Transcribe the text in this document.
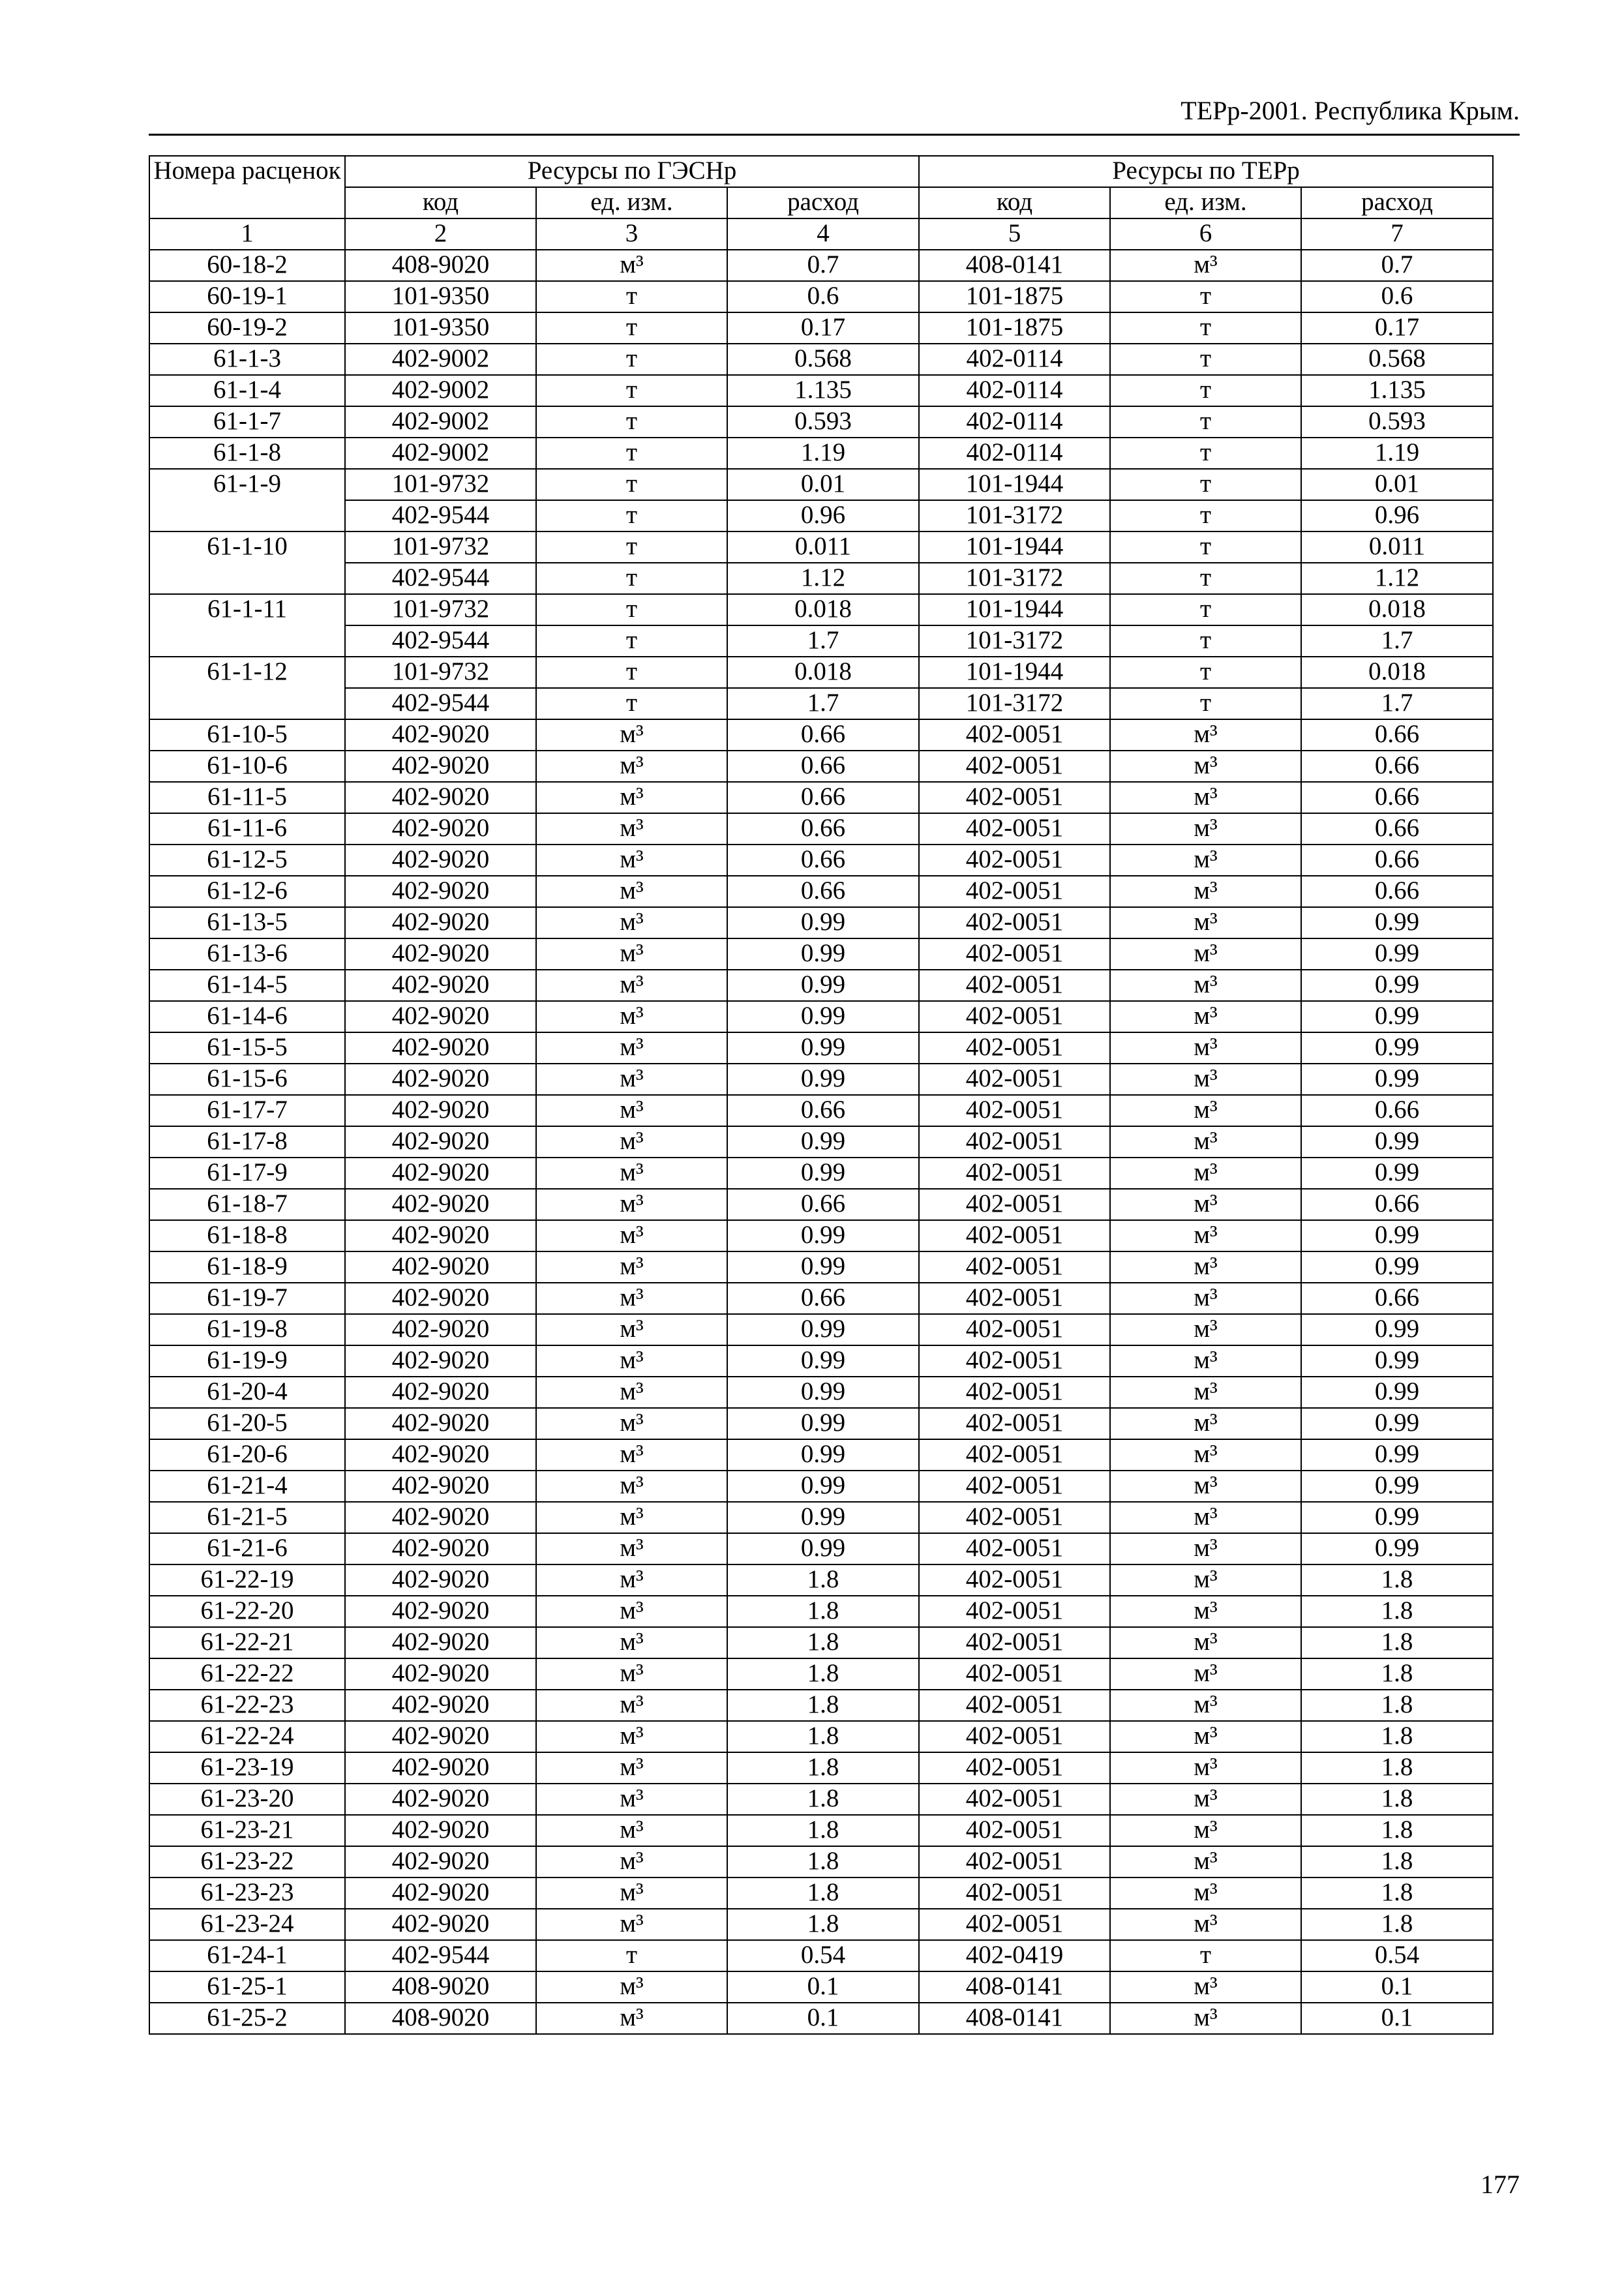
ТЕРр-2001. Республика Крым.
Номера расценок	Ресурсы по ГЭСНр			Ресурсы по ТЕРр		
	код	ед. изм.	расход	код	ед. изм.	расход
1	2	3	4	5	6	7
60-18-2	408-9020	м³	0.7	408-0141	м³	0.7
60-19-1	101-9350	т	0.6	101-1875	т	0.6
60-19-2	101-9350	т	0.17	101-1875	т	0.17
61-1-3	402-9002	т	0.568	402-0114	т	0.568
61-1-4	402-9002	т	1.135	402-0114	т	1.135
61-1-7	402-9002	т	0.593	402-0114	т	0.593
61-1-8	402-9002	т	1.19	402-0114	т	1.19
61-1-9	101-9732	т	0.01	101-1944	т	0.01
	402-9544	т	0.96	101-3172	т	0.96
61-1-10	101-9732	т	0.011	101-1944	т	0.011
	402-9544	т	1.12	101-3172	т	1.12
61-1-11	101-9732	т	0.018	101-1944	т	0.018
	402-9544	т	1.7	101-3172	т	1.7
61-1-12	101-9732	т	0.018	101-1944	т	0.018
	402-9544	т	1.7	101-3172	т	1.7
61-10-5	402-9020	м³	0.66	402-0051	м³	0.66
61-10-6	402-9020	м³	0.66	402-0051	м³	0.66
61-11-5	402-9020	м³	0.66	402-0051	м³	0.66
61-11-6	402-9020	м³	0.66	402-0051	м³	0.66
61-12-5	402-9020	м³	0.66	402-0051	м³	0.66
61-12-6	402-9020	м³	0.66	402-0051	м³	0.66
61-13-5	402-9020	м³	0.99	402-0051	м³	0.99
61-13-6	402-9020	м³	0.99	402-0051	м³	0.99
61-14-5	402-9020	м³	0.99	402-0051	м³	0.99
61-14-6	402-9020	м³	0.99	402-0051	м³	0.99
61-15-5	402-9020	м³	0.99	402-0051	м³	0.99
61-15-6	402-9020	м³	0.99	402-0051	м³	0.99
61-17-7	402-9020	м³	0.66	402-0051	м³	0.66
61-17-8	402-9020	м³	0.99	402-0051	м³	0.99
61-17-9	402-9020	м³	0.99	402-0051	м³	0.99
61-18-7	402-9020	м³	0.66	402-0051	м³	0.66
61-18-8	402-9020	м³	0.99	402-0051	м³	0.99
61-18-9	402-9020	м³	0.99	402-0051	м³	0.99
61-19-7	402-9020	м³	0.66	402-0051	м³	0.66
61-19-8	402-9020	м³	0.99	402-0051	м³	0.99
61-19-9	402-9020	м³	0.99	402-0051	м³	0.99
61-20-4	402-9020	м³	0.99	402-0051	м³	0.99
61-20-5	402-9020	м³	0.99	402-0051	м³	0.99
61-20-6	402-9020	м³	0.99	402-0051	м³	0.99
61-21-4	402-9020	м³	0.99	402-0051	м³	0.99
61-21-5	402-9020	м³	0.99	402-0051	м³	0.99
61-21-6	402-9020	м³	0.99	402-0051	м³	0.99
61-22-19	402-9020	м³	1.8	402-0051	м³	1.8
61-22-20	402-9020	м³	1.8	402-0051	м³	1.8
61-22-21	402-9020	м³	1.8	402-0051	м³	1.8
61-22-22	402-9020	м³	1.8	402-0051	м³	1.8
61-22-23	402-9020	м³	1.8	402-0051	м³	1.8
61-22-24	402-9020	м³	1.8	402-0051	м³	1.8
61-23-19	402-9020	м³	1.8	402-0051	м³	1.8
61-23-20	402-9020	м³	1.8	402-0051	м³	1.8
61-23-21	402-9020	м³	1.8	402-0051	м³	1.8
61-23-22	402-9020	м³	1.8	402-0051	м³	1.8
61-23-23	402-9020	м³	1.8	402-0051	м³	1.8
61-23-24	402-9020	м³	1.8	402-0051	м³	1.8
61-24-1	402-9544	т	0.54	402-0419	т	0.54
61-25-1	408-9020	м³	0.1	408-0141	м³	0.1
61-25-2	408-9020	м³	0.1	408-0141	м³	0.1
177
